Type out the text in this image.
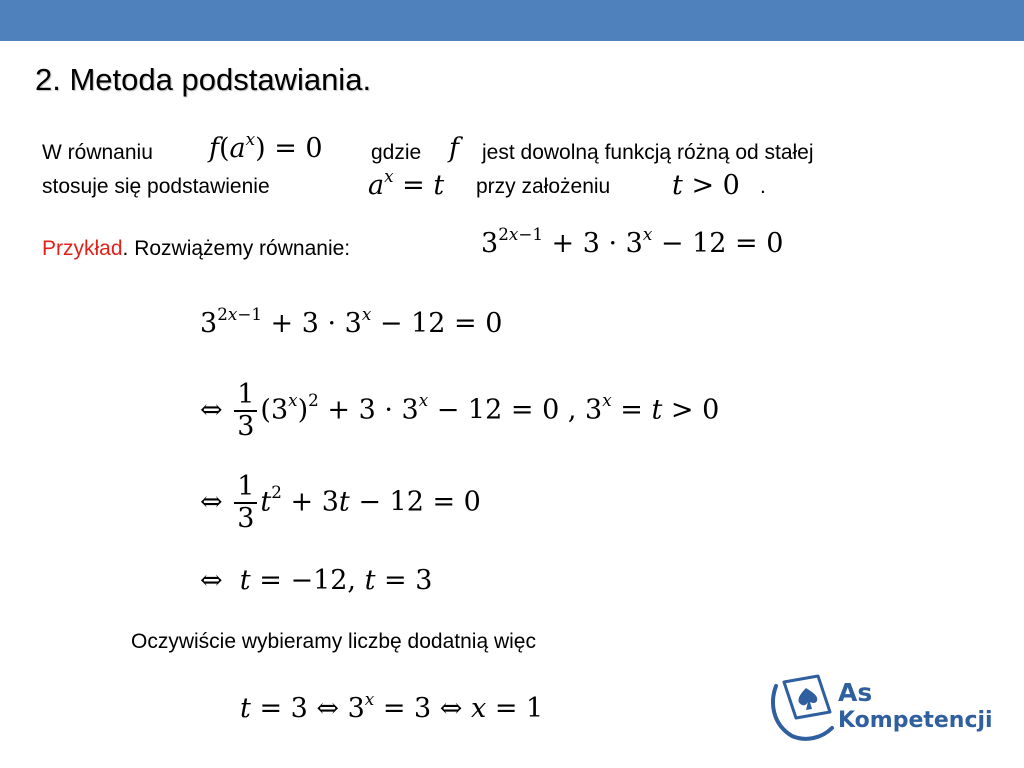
2. Metoda podstawiania.
W równaniu $f(a^x) = 0$ gdzie f jest dowolną funkcją różną od stałej
stosuje się podstawienie	$a^x = t$ przy założeniu t > 0 .
Przykład. Rozwiążemy równanie:	$3^{2x-1} + 3 \cdot 3^x - 12 = 0$
$3^{2x-1} + 3 \cdot 3^x - 12 = 0$
⇔ $\frac{1}{3} (3^x)^2 + 3 \cdot 3^x - 12 = 0$ , $3^x = t > 0$
⇔ $\frac{1}{3} t^2 + 3t - 12 = 0$
⇔  t = −12, t = 3
Oczywiście wybieramy liczbę dodatnią więc
t = 3 ⇔ $3^x = 3$ ⇔ x = 1
As
Kompetencji
